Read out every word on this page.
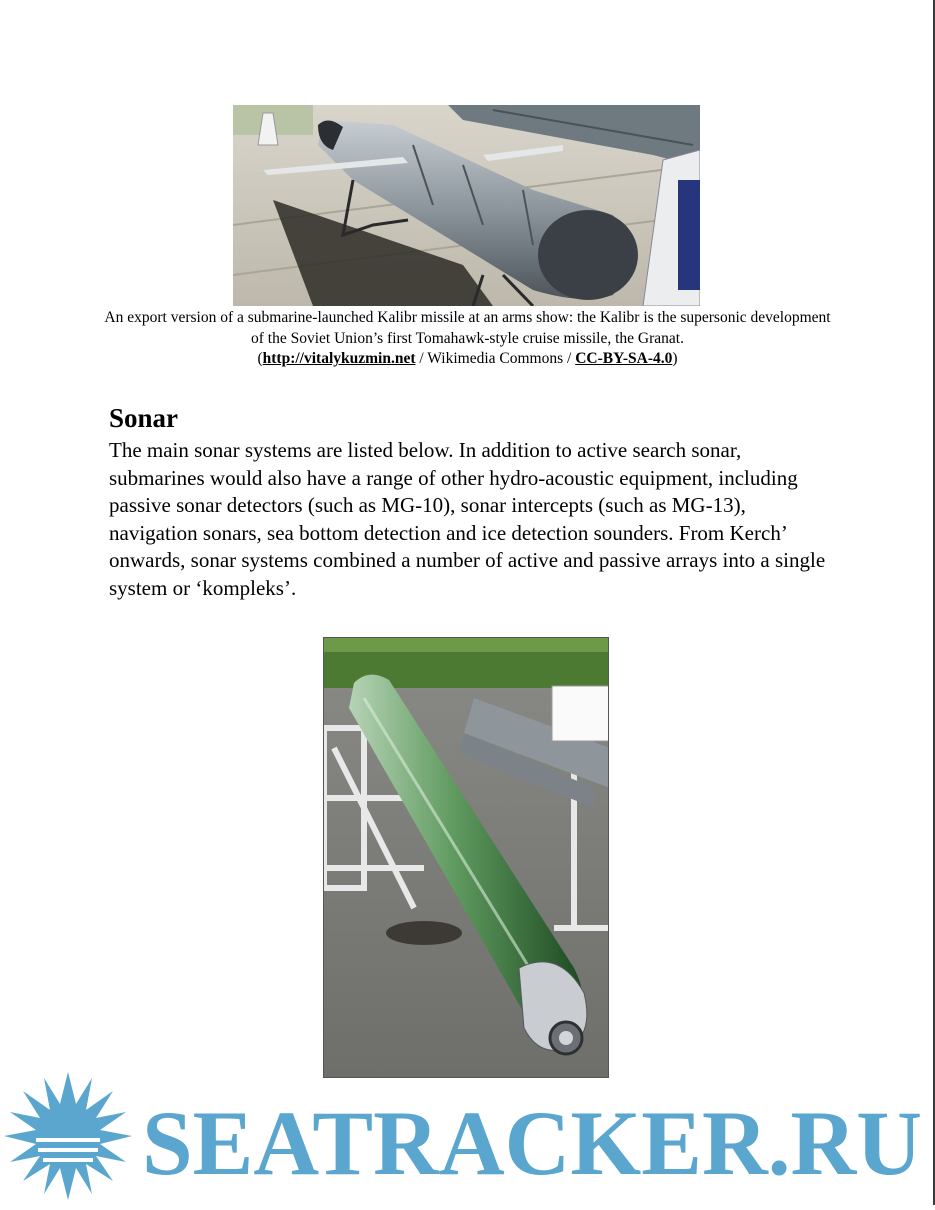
An export version of a submarine-launched Kalibr missile at an arms show: the Kalibr is the supersonic development of the Soviet Union’s first Tomahawk-style cruise missile, the Granat.
(http://vitalykuzmin.net / Wikimedia Commons / CC-BY-SA-4.0)
Sonar
The main sonar systems are listed below. In addition to active search sonar, submarines would also have a range of other hydro-acoustic equipment, including passive sonar detectors (such as MG-10), sonar intercepts (such as MG-13), navigation sonars, sea bottom detection and ice detection sounders. From Kerch’ onwards, sonar systems combined a number of active and passive arrays into a single system or ‘kompleks’.
SEATRACKER.RU
